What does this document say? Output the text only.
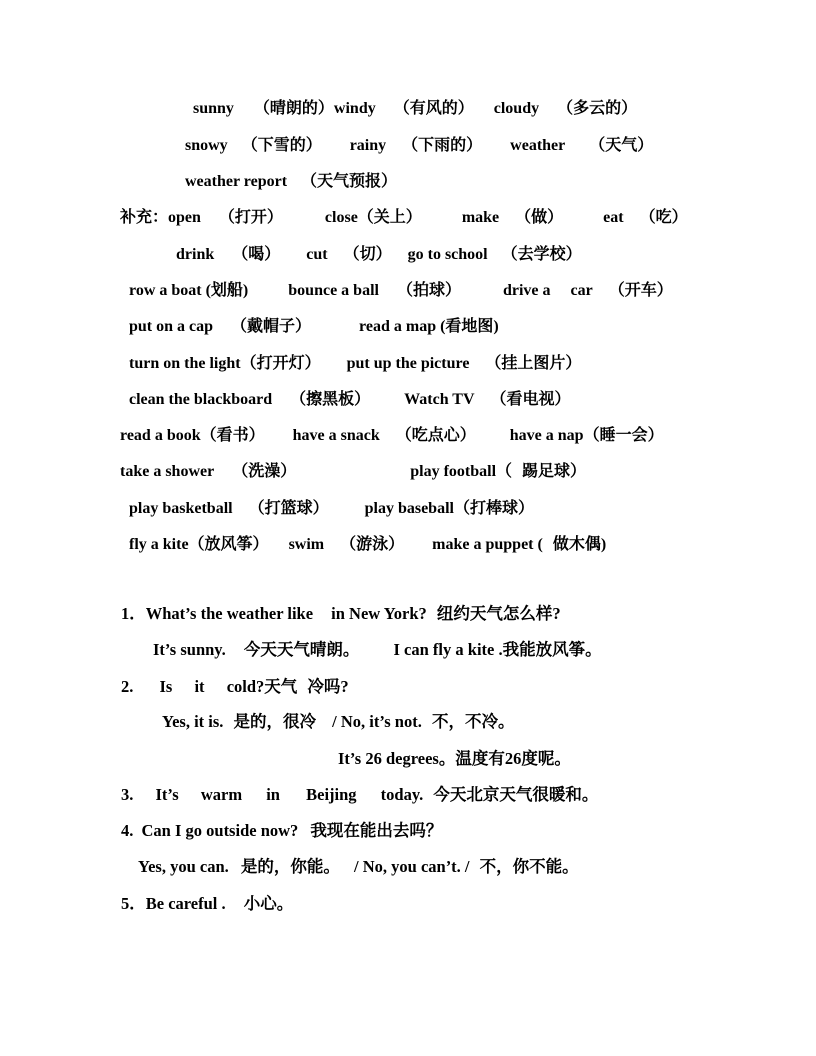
sunny （晴朗的）windy （有风的） cloudy （多云的）
snowy （下雪的） rainy （下雨的） weather （天气）
weather report （天气预报）
补充：open （打开）	close（关上）	make （做）	eat （吃）
drink （喝） cut （切） go to school （去学校）
row a boat (划船)	bounce a ball （拍球）	drive a car （开车）
put on a cap （戴帽子）	read a map (看地图)
turn on the light（打开灯） put up the picture （挂上图片）
clean the blackboard （擦黑板） Watch TV （看电视）
read a book（看书） have a snack （吃点心） have a nap（睡一会）
take a shower （洗澡）	play football（ 踢足球）
play basketball （打篮球） play baseball（打棒球）
fly a kite（放风筝） swim （游泳） make a puppet ( 做木偶)
1．What’s the weather like in New York? 纽约天气怎么样?
It’s sunny. 今天天气晴朗。 I can fly a kite .我能放风筝。
2. Is it cold?天气 冷吗?
Yes, it is. 是的，很冷 / No, it’s not. 不，不冷。
It’s 26 degrees。温度有26度呢。
3. It’s warm in Beijing today. 今天北京天气很暖和。
4. Can I go outside now? 我现在能出去吗？
Yes, you can. 是的，你能。 / No, you can’t. / 不，你不能。
5．Be careful . 小心。
